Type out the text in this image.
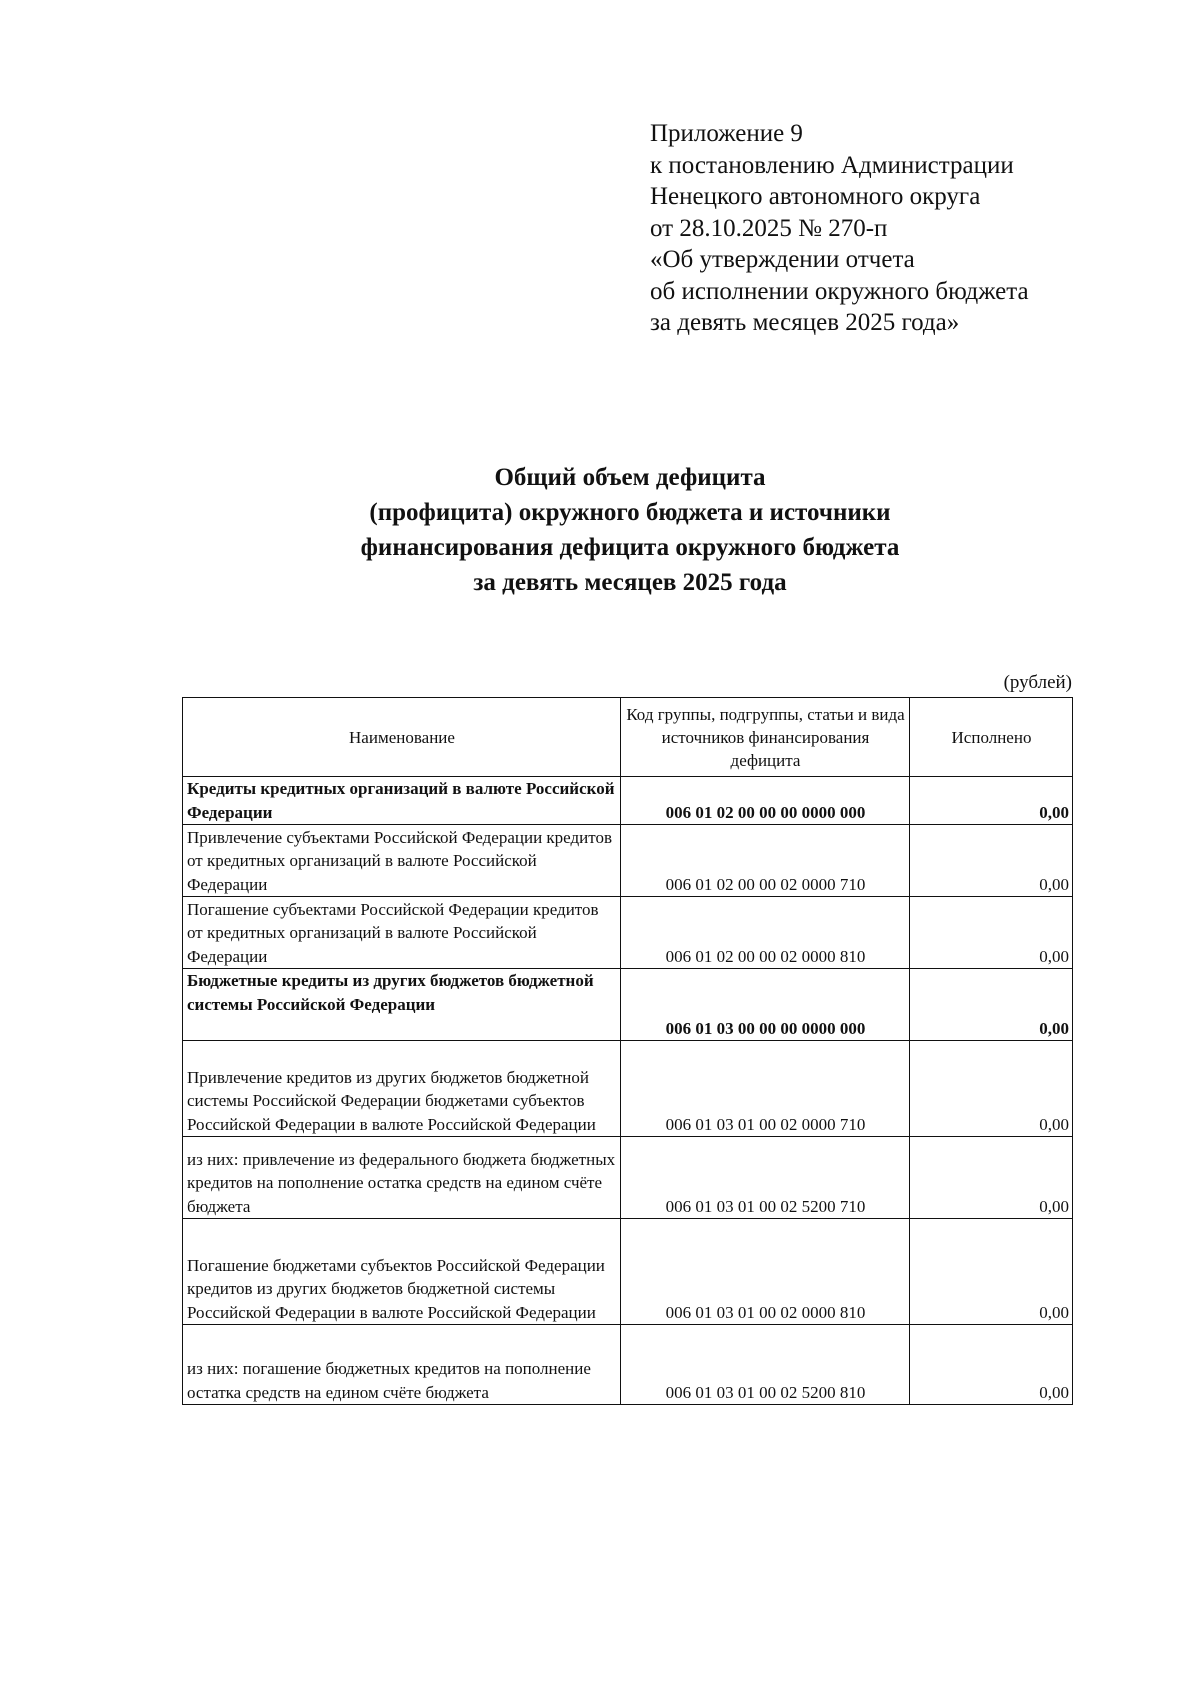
Приложение 9
к постановлению Администрации
Ненецкого автономного округа
от 28.10.2025 № 270-п
«Об утверждении отчета
об исполнении окружного бюджета
за девять месяцев 2025 года»
Общий объем дефицита
(профицита) окружного бюджета и источники
финансирования дефицита окружного бюджета
за девять месяцев 2025 года
(рублей)
Наименование	Код группы, подгруппы, статьи и вида источников финансирования дефицита	Исполнено
Кредиты кредитных организаций в валюте Российской Федерации	006 01 02 00 00 00 0000 000	0,00
Привлечение субъектами Российской Федерации кредитов от кредитных организаций в валюте Российской Федерации	006 01 02 00 00 02 0000 710	0,00
Погашение субъектами Российской Федерации кредитов от кредитных организаций в валюте Российской Федерации	006 01 02 00 00 02 0000 810	0,00
Бюджетные кредиты из других бюджетов бюджетной системы Российской Федерации	006 01 03 00 00 00 0000 000	0,00
Привлечение кредитов из других бюджетов бюджетной системы Российской Федерации бюджетами субъектов Российской Федерации в валюте Российской Федерации	006 01 03 01 00 02 0000 710	0,00
из них: привлечение из федерального бюджета бюджетных кредитов на пополнение остатка средств на едином счёте бюджета	006 01 03 01 00 02 5200 710	0,00
Погашение бюджетами субъектов Российской Федерации кредитов из других бюджетов бюджетной системы Российской Федерации в валюте Российской Федерации	006 01 03 01 00 02 0000 810	0,00
из них: погашение бюджетных кредитов на пополнение остатка средств на едином счёте бюджета	006 01 03 01 00 02 5200 810	0,00
